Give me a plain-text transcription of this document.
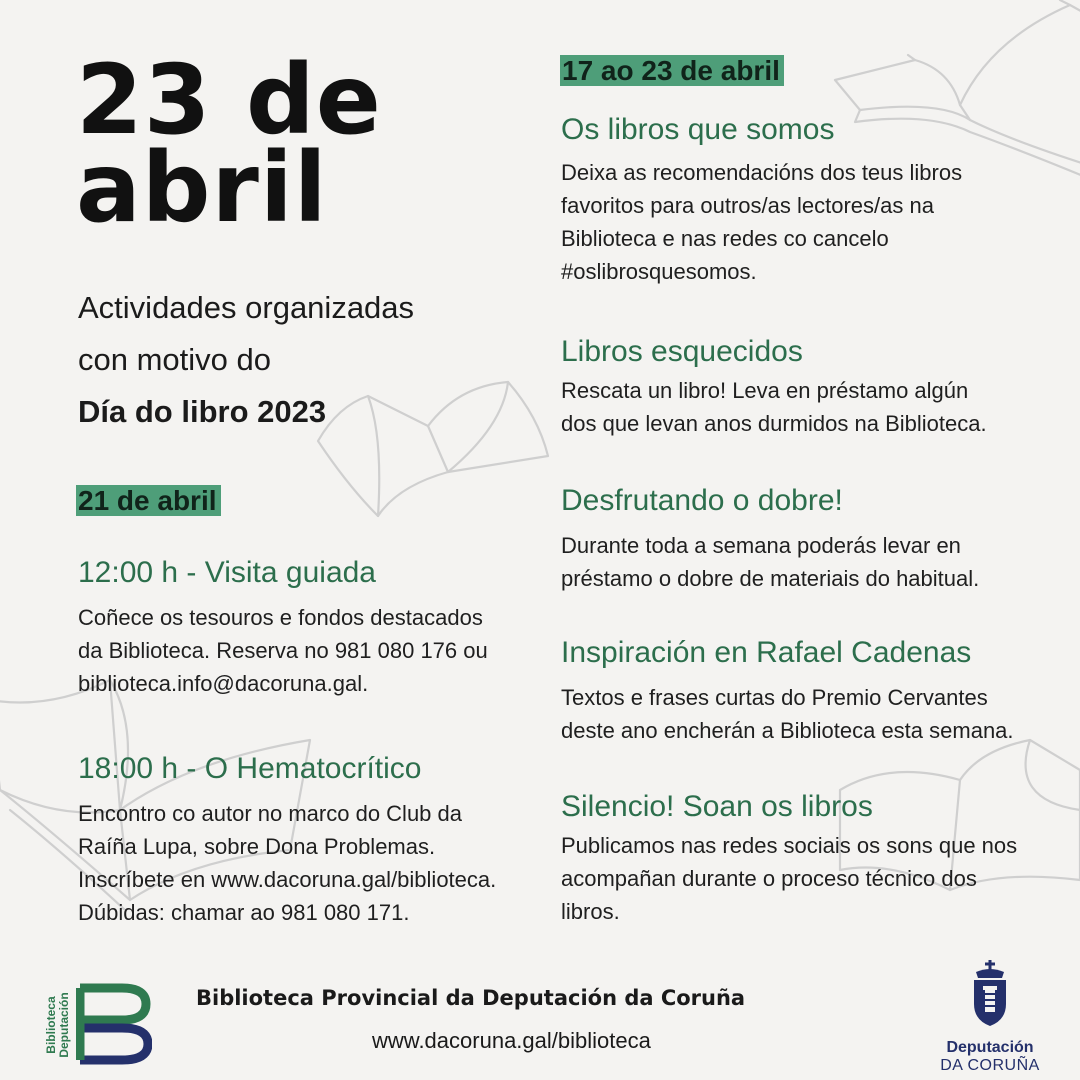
23 de
abril
Actividades organizadas
con motivo do
Día do libro 2023
21 de abril
12:00 h - Visita guiada
Coñece os tesouros e fondos destacados
da Biblioteca. Reserva no 981 080 176 ou
biblioteca.info@dacoruna.gal.
18:00 h - O Hematocrítico
Encontro co autor no marco do Club da
Raíña Lupa, sobre Dona Problemas.
Inscríbete en www.dacoruna.gal/biblioteca.
Dúbidas: chamar ao 981 080 171.
17 ao 23 de abril
Os libros que somos
Deixa as recomendacións dos teus libros
favoritos para outros/as lectores/as na
Biblioteca e nas redes co cancelo
#oslibrosquesomos.
Libros esquecidos
Rescata un libro! Leva en préstamo algún
dos que levan anos durmidos na Biblioteca.
Desfrutando o dobre!
Durante toda a semana poderás levar en
préstamo o dobre de materiais do habitual.
Inspiración en Rafael Cadenas
Textos e frases curtas do Premio Cervantes
deste ano encherán a Biblioteca esta semana.
Silencio! Soan os libros
Publicamos nas redes sociais os sons que nos
acompañan durante o proceso técnico dos
libros.
Biblioteca Deputación	Biblioteca Provincial da Deputación da Coruña
www.dacoruna.gal/biblioteca	Deputación
DA CORUÑA
